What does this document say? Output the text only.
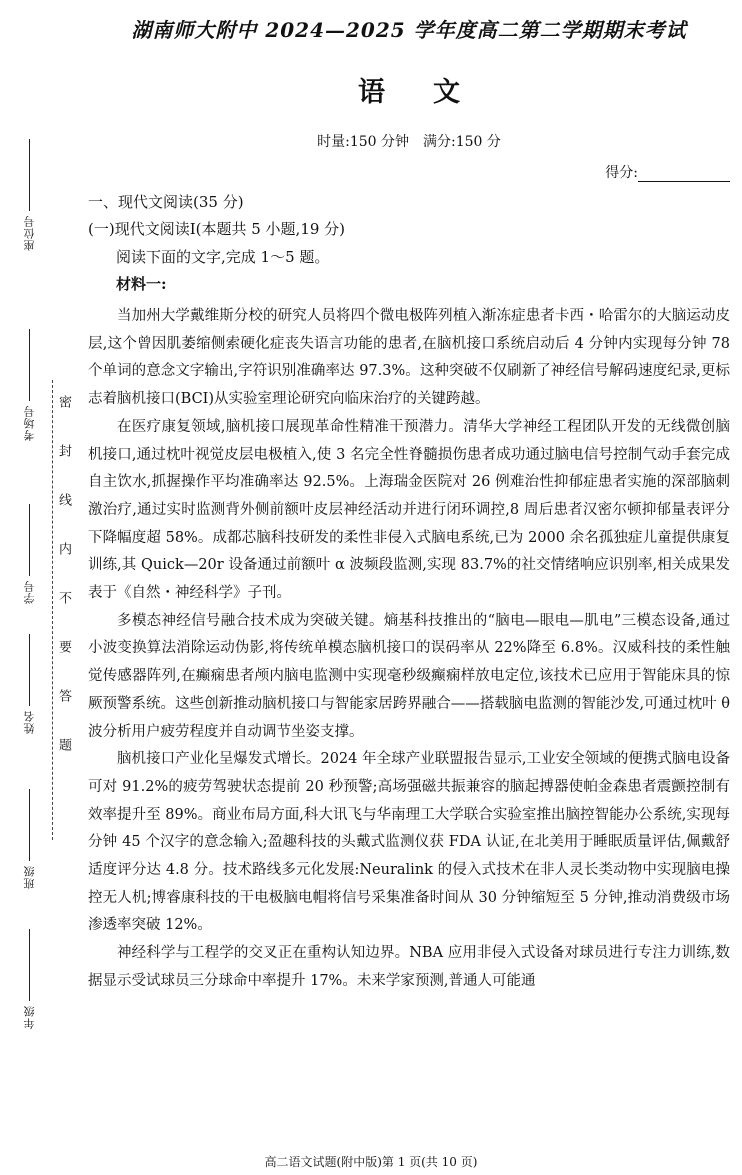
座位号
考场号
学号
姓名
班级
年级
密封线内不要答题
湖南师大附中 2024—2025 学年度高二第二学期期末考试
语文
时量:150 分钟　满分:150 分
得分:
一、现代文阅读(35 分)
(一)现代文阅读Ⅰ(本题共 5 小题,19 分)
阅读下面的文字,完成 1～5 题。
材料一:

当加州大学戴维斯分校的研究人员将四个微电极阵列植入渐冻症患者卡西・哈雷尔的大脑运动皮层,这个曾因肌萎缩侧索硬化症丧失语言功能的患者,在脑机接口系统启动后 4 分钟内实现每分钟 78 个单词的意念文字输出,字符识别准确率达 97.3%。这种突破不仅刷新了神经信号解码速度纪录,更标志着脑机接口(BCI)从实验室理论研究向临床治疗的关键跨越。

在医疗康复领域,脑机接口展现革命性精准干预潜力。清华大学神经工程团队开发的无线微创脑机接口,通过枕叶视觉皮层电极植入,使 3 名完全性脊髓损伤患者成功通过脑电信号控制气动手套完成自主饮水,抓握操作平均准确率达 92.5%。上海瑞金医院对 26 例难治性抑郁症患者实施的深部脑刺激治疗,通过实时监测背外侧前额叶皮层神经活动并进行闭环调控,8 周后患者汉密尔顿抑郁量表评分下降幅度超 58%。成都芯脑科技研发的柔性非侵入式脑电系统,已为 2000 余名孤独症儿童提供康复训练,其 Quick—20r 设备通过前额叶 α 波频段监测,实现 83.7%的社交情绪响应识别率,相关成果发表于《自然・神经科学》子刊。

多模态神经信号融合技术成为突破关键。熵基科技推出的“脑电—眼电—肌电”三模态设备,通过小波变换算法消除运动伪影,将传统单模态脑机接口的误码率从 22%降至 6.8%。汉威科技的柔性触觉传感器阵列,在癫痫患者颅内脑电监测中实现毫秒级癫痫样放电定位,该技术已应用于智能床具的惊厥预警系统。这些创新推动脑机接口与智能家居跨界融合——搭载脑电监测的智能沙发,可通过枕叶 θ 波分析用户疲劳程度并自动调节坐姿支撑。

脑机接口产业化呈爆发式增长。2024 年全球产业联盟报告显示,工业安全领域的便携式脑电设备可对 91.2%的疲劳驾驶状态提前 20 秒预警;高场强磁共振兼容的脑起搏器使帕金森患者震颤控制有效率提升至 89%。商业布局方面,科大讯飞与华南理工大学联合实验室推出脑控智能办公系统,实现每分钟 45 个汉字的意念输入;盈趣科技的头戴式监测仪获 FDA 认证,在北美用于睡眠质量评估,佩戴舒适度评分达 4.8 分。技术路线多元化发展:Neuralink 的侵入式技术在非人灵长类动物中实现脑电操控无人机;博睿康科技的干电极脑电帽将信号采集准备时间从 30 分钟缩短至 5 分钟,推动消费级市场渗透率突破 12%。

神经科学与工程学的交叉正在重构认知边界。NBA 应用非侵入式设备对球员进行专注力训练,数据显示受试球员三分球命中率提升 17%。未来学家预测,普通人可能通

高二语文试题(附中版)第 1 页(共 10 页)
